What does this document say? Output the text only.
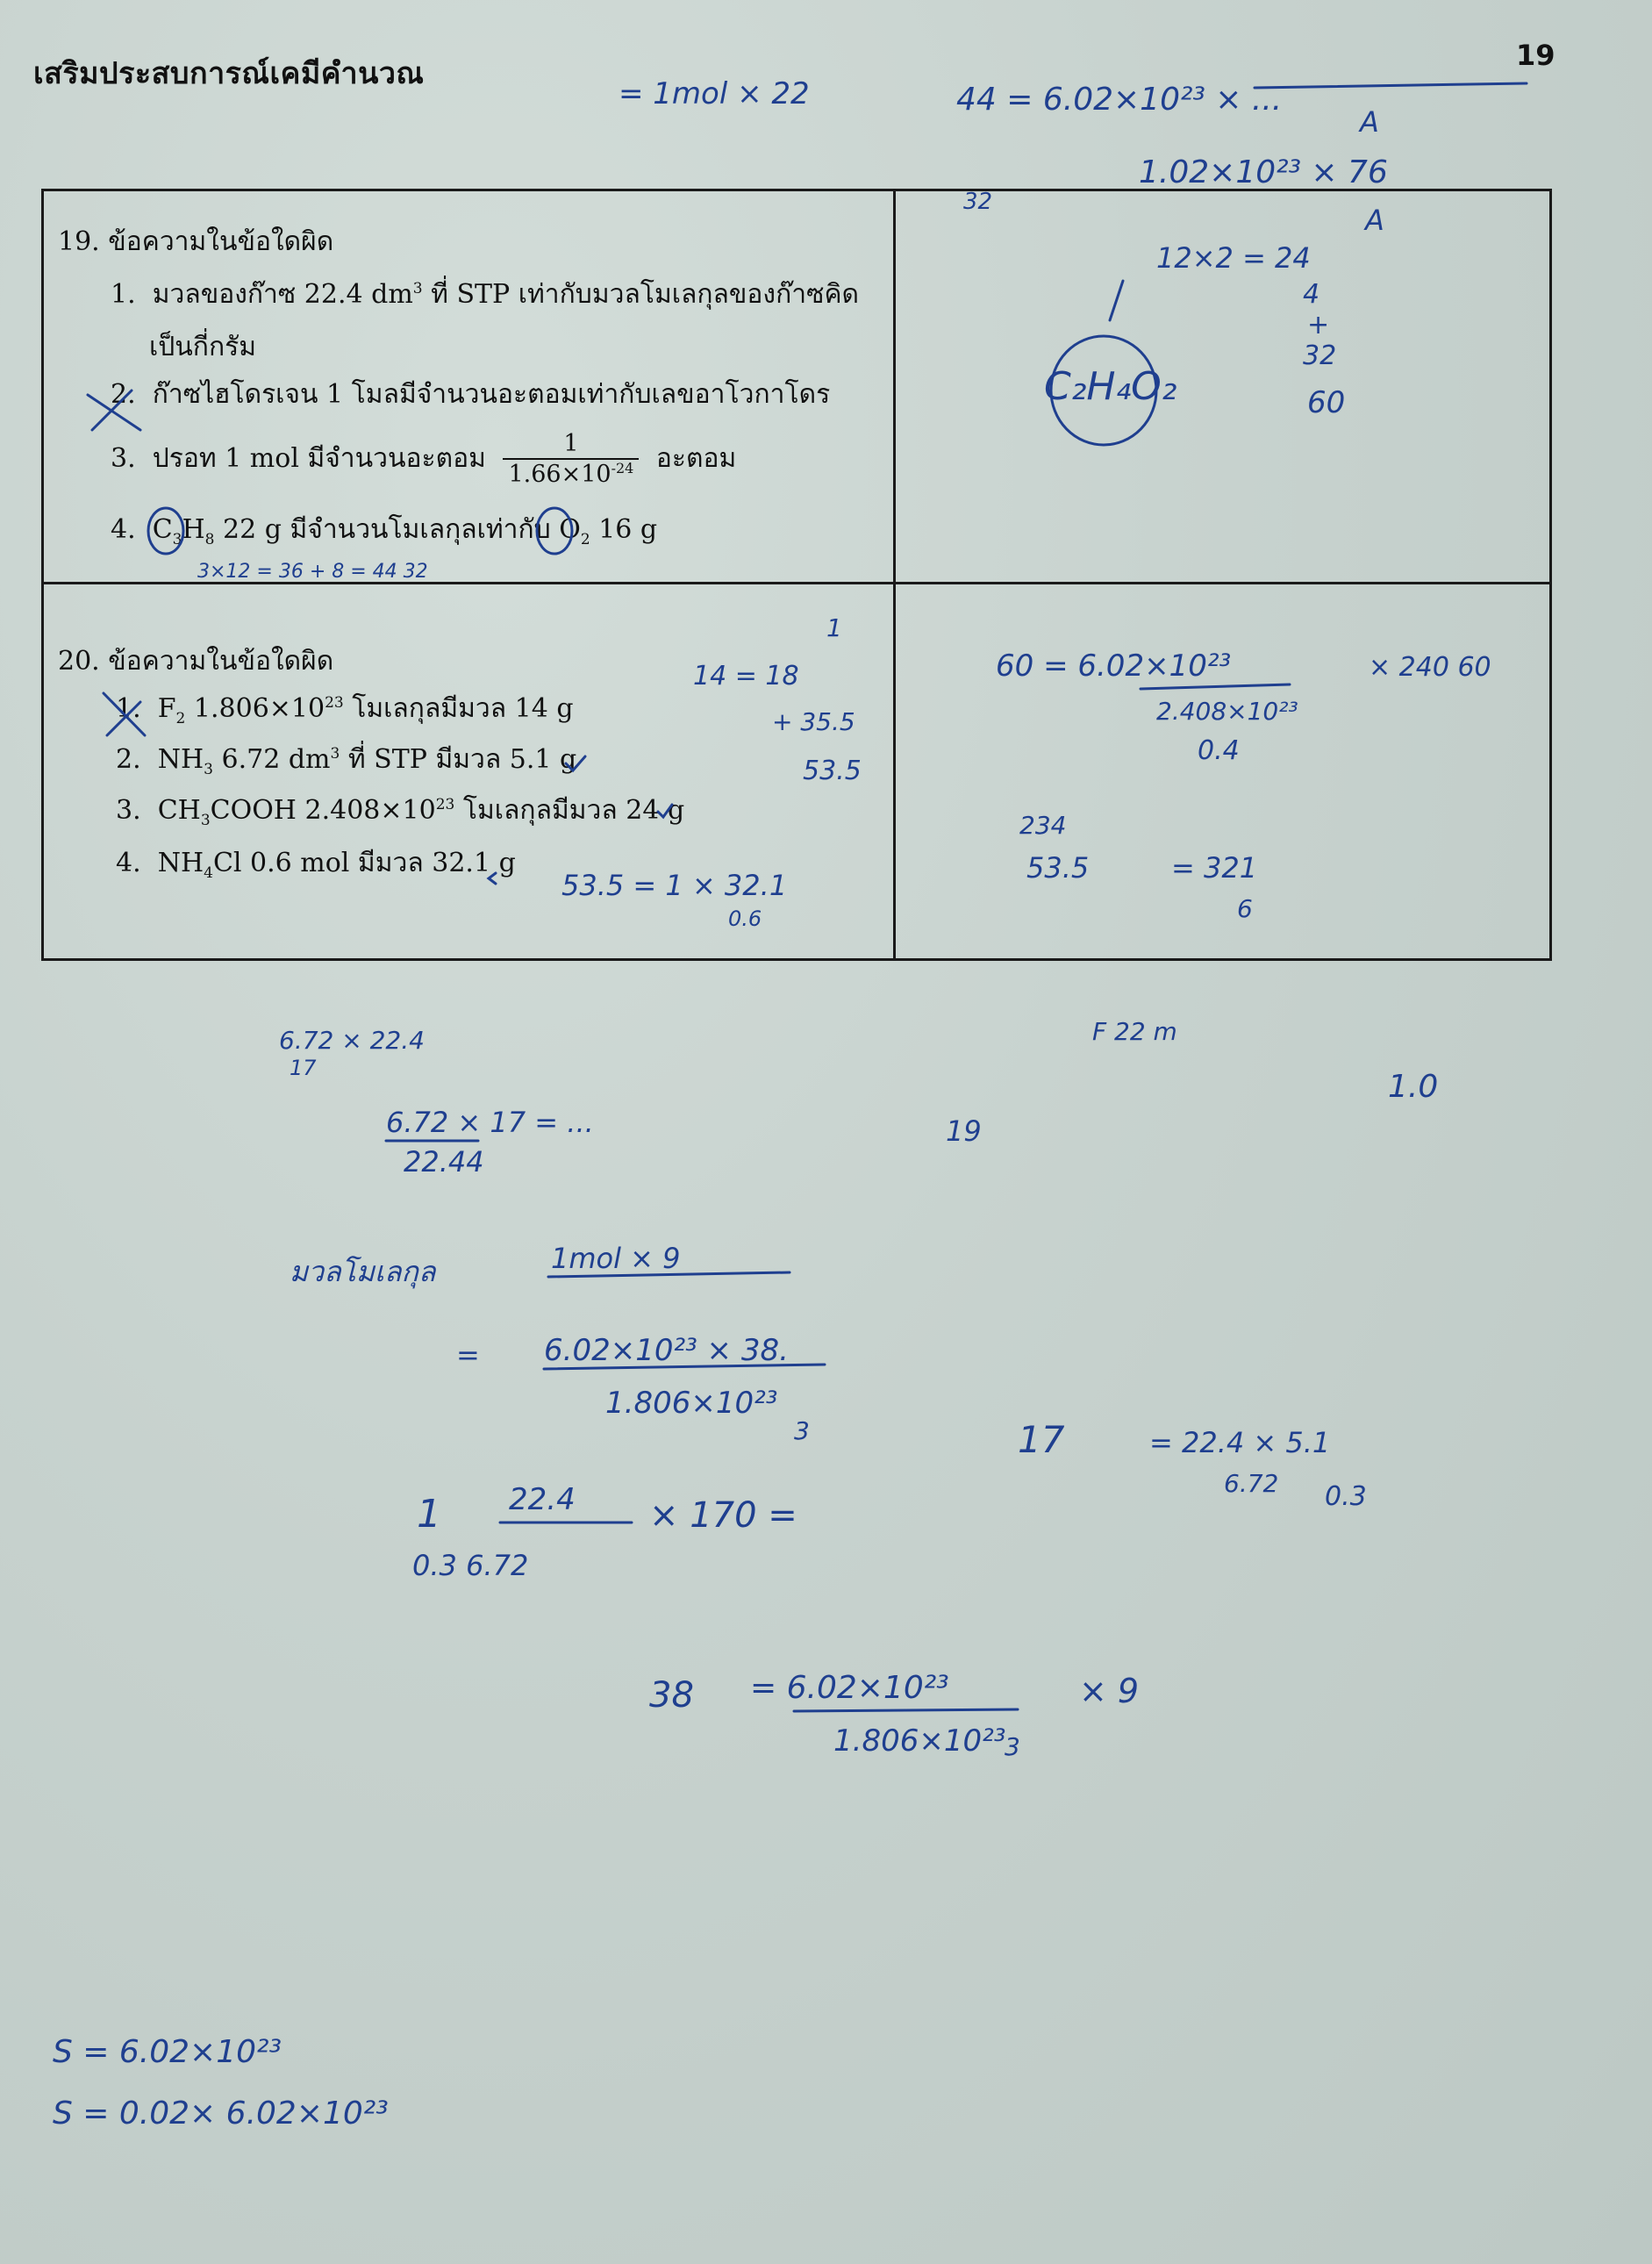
เสริมประสบการณ์เคมีคำนวณ
19
19. ข้อความในข้อใดผิด
1. มวลของก๊าซ 22.4 $dm^3$ ที่ STP เท่ากับมวลโมเลกุลของก๊าซคิด
เป็นกี่กรัม
2. ก๊าซไฮโดรเจน 1 โมลมีจำนวนอะตอมเท่ากับเลขอาโวกาโดร
3. ปรอท 1 mol มีจำนวนอะตอม $\frac{1}{1.66\times 10^{-24}}$ อะตอม
4. $C_3H_8$ 22 g มีจำนวนโมเลกุลเท่ากับ $O_2$ 16 g
20. ข้อความในข้อใดผิด
1. $F_2$ $1.806\times 10^{23}$ โมเลกุลมีมวล 14 g
2. $NH_3$ 6.72 $dm^3$ ที่ STP มีมวล 5.1 g
3. $CH_3COOH$ $2.408\times 10^{23}$ โมเลกุลมีมวล 24 g
4. $NH_4Cl$ 0.6 mol มีมวล 32.1 g
= 1mol × 22	44 = 6.02×10²³ × ...
A
1.02×10²³ × 76
A
32
12×2 = 24
4
+
32
60
C₂H₄O₂
3×12 = 36 + 8 = 44 32
1
14 = 18
+ 35.5
53.5
53.5 = 1 × 32.1
0.6
60 = 6.02×10²³	× 240 60
2.408×10²³
0.4
234
53.5	= 321
6
6.72 × 22.4
17
6.72 × 17 = ...
22.44
F 22 m
19
1.0
มวลโมเลกุล	1mol × 9
= 6.02×10²³ × 38.
1.806×10²³
3	17	= 22.4 × 5.1
6.72 0.3
1 22.4 × 170 =
0.3 6.72
38 = 6.02×10²³	× 9
1.806×10²³
3
S = 6.02×10²³
S = 0.02× 6.02×10²³
